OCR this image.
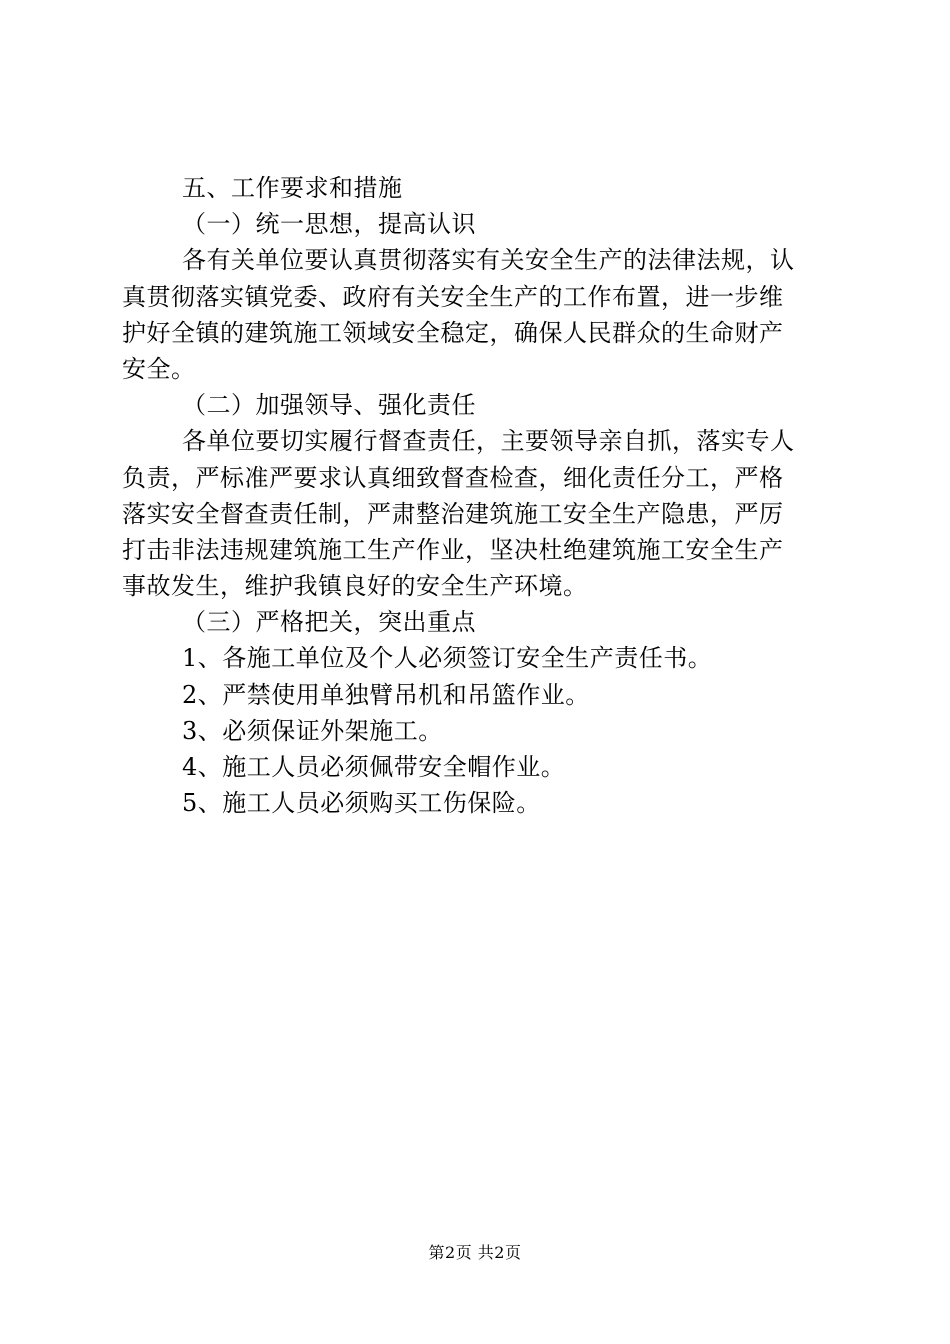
五、工作要求和措施
（一）统一思想，提高认识
各有关单位要认真贯彻落实有关安全生产的法律法规，认
真贯彻落实镇党委、政府有关安全生产的工作布置，进一步维
护好全镇的建筑施工领域安全稳定，确保人民群众的生命财产
安全。
（二）加强领导、强化责任
各单位要切实履行督查责任，主要领导亲自抓，落实专人
负责，严标准严要求认真细致督查检查，细化责任分工，严格
落实安全督查责任制，严肃整治建筑施工安全生产隐患，严厉
打击非法违规建筑施工生产作业，坚决杜绝建筑施工安全生产
事故发生，维护我镇良好的安全生产环境。
（三）严格把关，突出重点
1、各施工单位及个人必须签订安全生产责任书。
2、严禁使用单独臂吊机和吊篮作业。
3、必须保证外架施工。
4、施工人员必须佩带安全帽作业。
5、施工人员必须购买工伤保险。
第2页 共2页
